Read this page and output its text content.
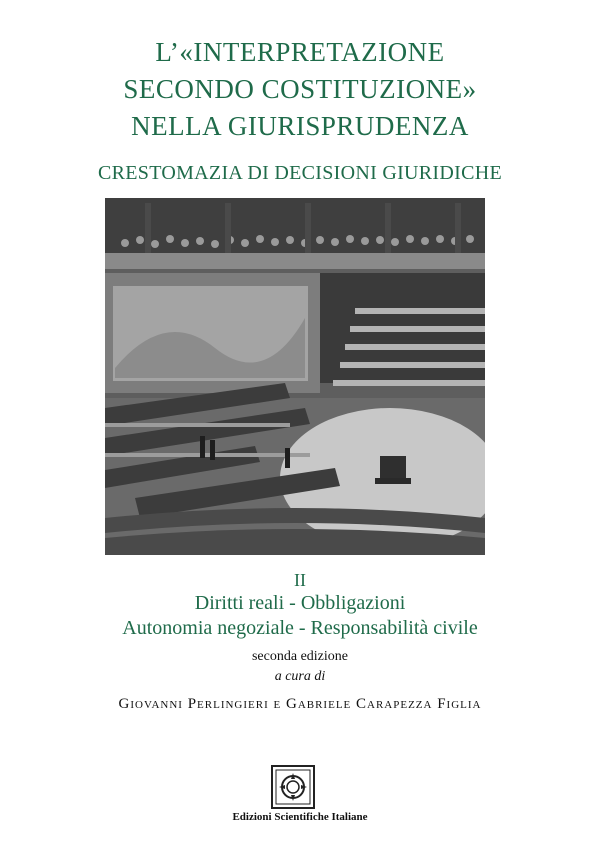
L’«INTERPRETAZIONE

SECONDO COSTITUZIONE»

NELLA GIURISPRUDENZA

CRESTOMAZIA DI DECISIONI GIURIDICHE
II
Diritti reali - Obbligazioni
Autonomia negoziale - Responsabilità civile
seconda edizione
a cura di
Giovanni Perlingieri e Gabriele Carapezza Figlia
Edizioni Scientifiche Italiane
